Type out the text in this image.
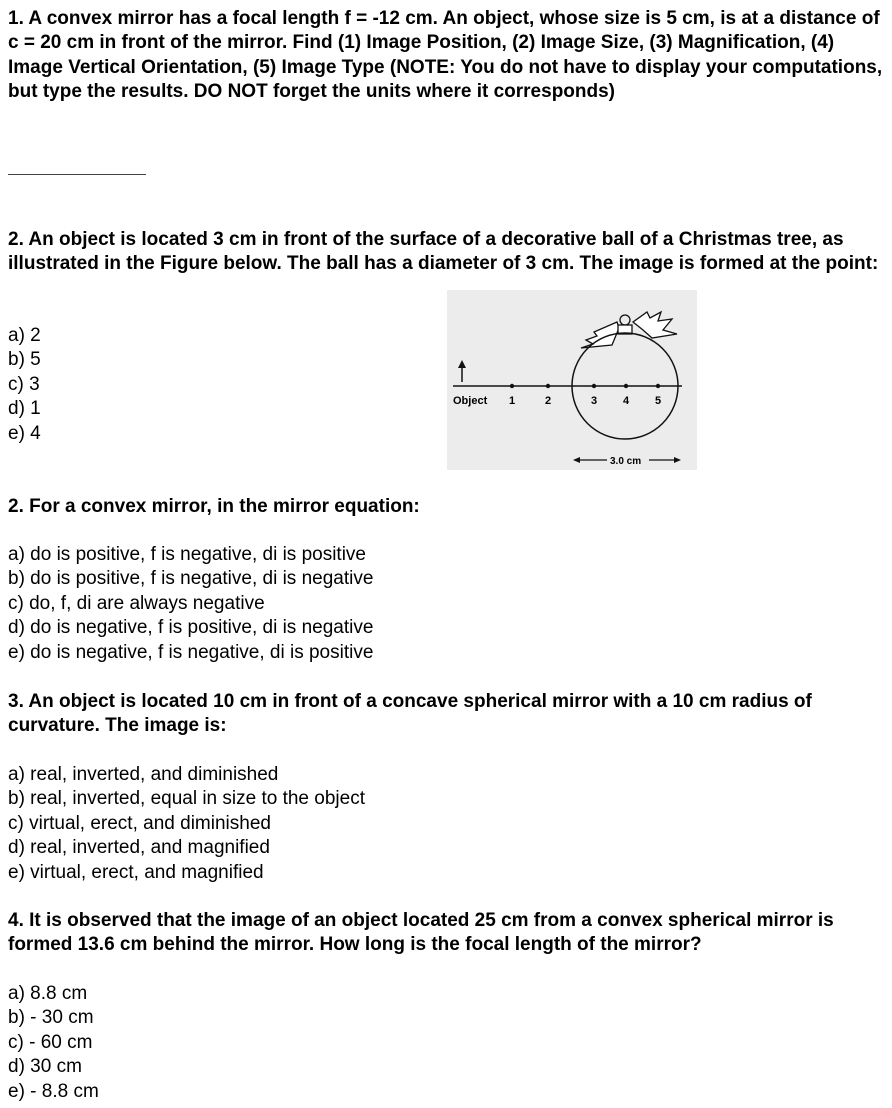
1. A convex mirror has a focal length f = -12 cm. An object, whose size is 5 cm, is at a distance of c = 20 cm in front of the mirror. Find (1) Image Position, (2) Image Size, (3) Magnification, (4) Image Vertical Orientation, (5) Image Type (NOTE: You do not have to display your computations, but type the results. DO NOT forget the units where it corresponds)

2. An object is located 3 cm in front of the surface of a decorative ball of a Christmas tree, as illustrated in the Figure below. The ball has a diameter of 3 cm. The image is formed at the point:

a) 2
b) 5
c) 3
d) 1
e) 4
Object 1	2	3 4 5
3.0 cm

2. For a convex mirror, in the mirror equation:

a) do is positive, f is negative, di is positive
b) do is positive, f is negative, di is negative
c) do, f, di are always negative
d) do is negative, f is positive, di is negative
e) do is negative, f is negative, di is positive

3. An object is located 10 cm in front of a concave spherical mirror with a 10 cm radius of curvature. The image is:

a) real, inverted, and diminished
b) real, inverted, equal in size to the object
c) virtual, erect, and diminished
d) real, inverted, and magnified
e) virtual, erect, and magnified

4. It is observed that the image of an object located 25 cm from a convex spherical mirror is formed 13.6 cm behind the mirror. How long is the focal length of the mirror?

a) 8.8 cm
b) - 30 cm
c) - 60 cm
d) 30 cm
e) - 8.8 cm
